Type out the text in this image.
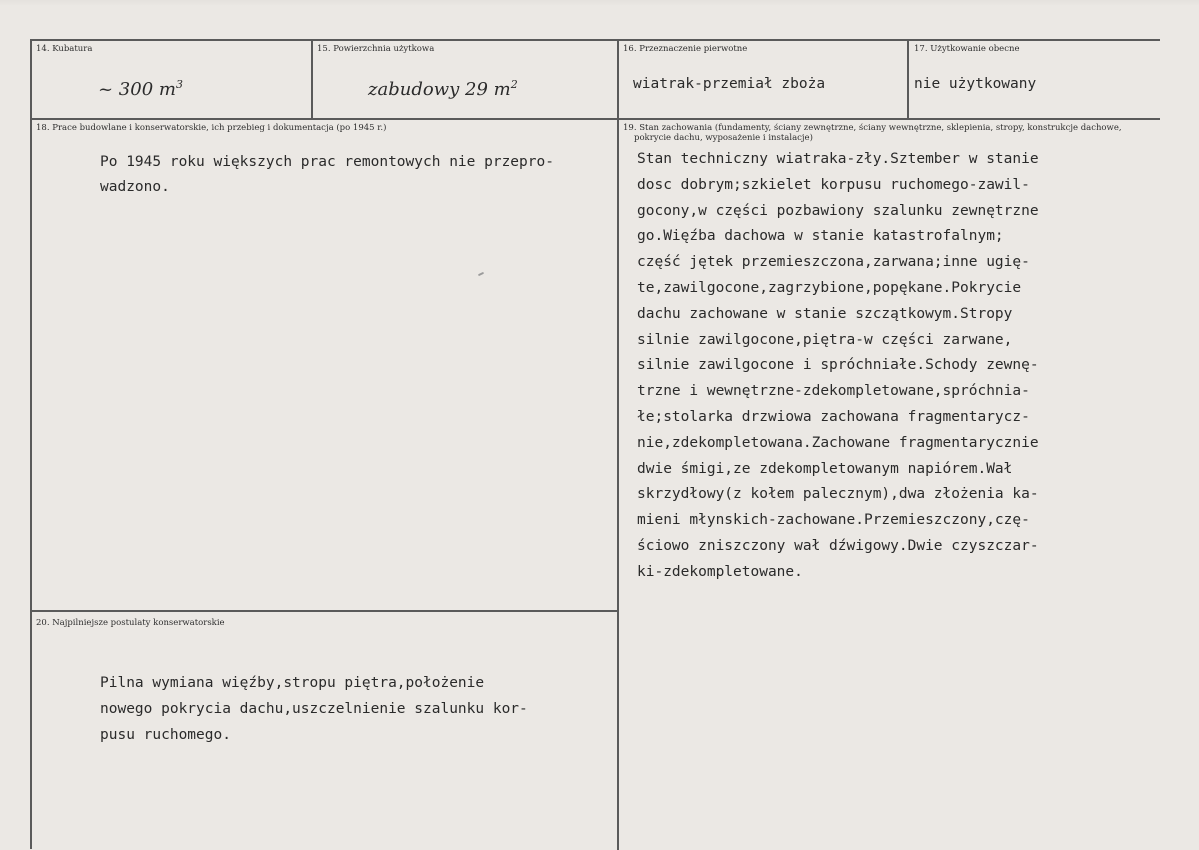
14. Kubatura
~ 300 $m^3$
15. Powierzchnia użytkowa
zabudowy 29 $m^2$
16. Przeznaczenie pierwotne
wiatrak-przemiał zboża
17. Użytkowanie obecne
nie użytkowany
18. Prace budowlane i konserwatorskie, ich przebieg i dokumentacja (po 1945 r.)
Po 1945 roku większych prac remontowych nie przepro-
wadzono.
19. Stan zachowania (fundamenty, ściany zewnętrzne, ściany wewnętrzne, sklepienia, stropy, konstrukcje dachowe,
pokrycie dachu, wyposażenie i instalacje)
Stan techniczny wiatraka-zły.Sztember w stanie
dosc dobrym;szkielet korpusu ruchomego-zawil-
gocony,w części pozbawiony szalunku zewnętrzne
go.Więźba dachowa w stanie katastrofalnym;
część jętek przemieszczona,zarwana;inne ugię-
te,zawilgocone,zagrzybione,popękane.Pokrycie
dachu zachowane w stanie szczątkowym.Stropy
silnie zawilgocone,piętra-w części zarwane,
silnie zawilgocone i spróchniałe.Schody zewnę-
trzne i wewnętrzne-zdekompletowane,spróchnia-
łe;stolarka drzwiowa zachowana fragmentarycz-
nie,zdekompletowana.Zachowane fragmentarycznie
dwie śmigi,ze zdekompletowanym napiórem.Wał
skrzydłowy(z kołem palecznym),dwa złożenia ka-
mieni młynskich-zachowane.Przemieszczony,czę-
ściowo zniszczony wał dźwigowy.Dwie czyszczar-
ki-zdekompletowane.
20. Najpilniejsze postulaty konserwatorskie
Pilna wymiana więźby,stropu piętra,położenie
nowego pokrycia dachu,uszczelnienie szalunku kor-
pusu ruchomego.
